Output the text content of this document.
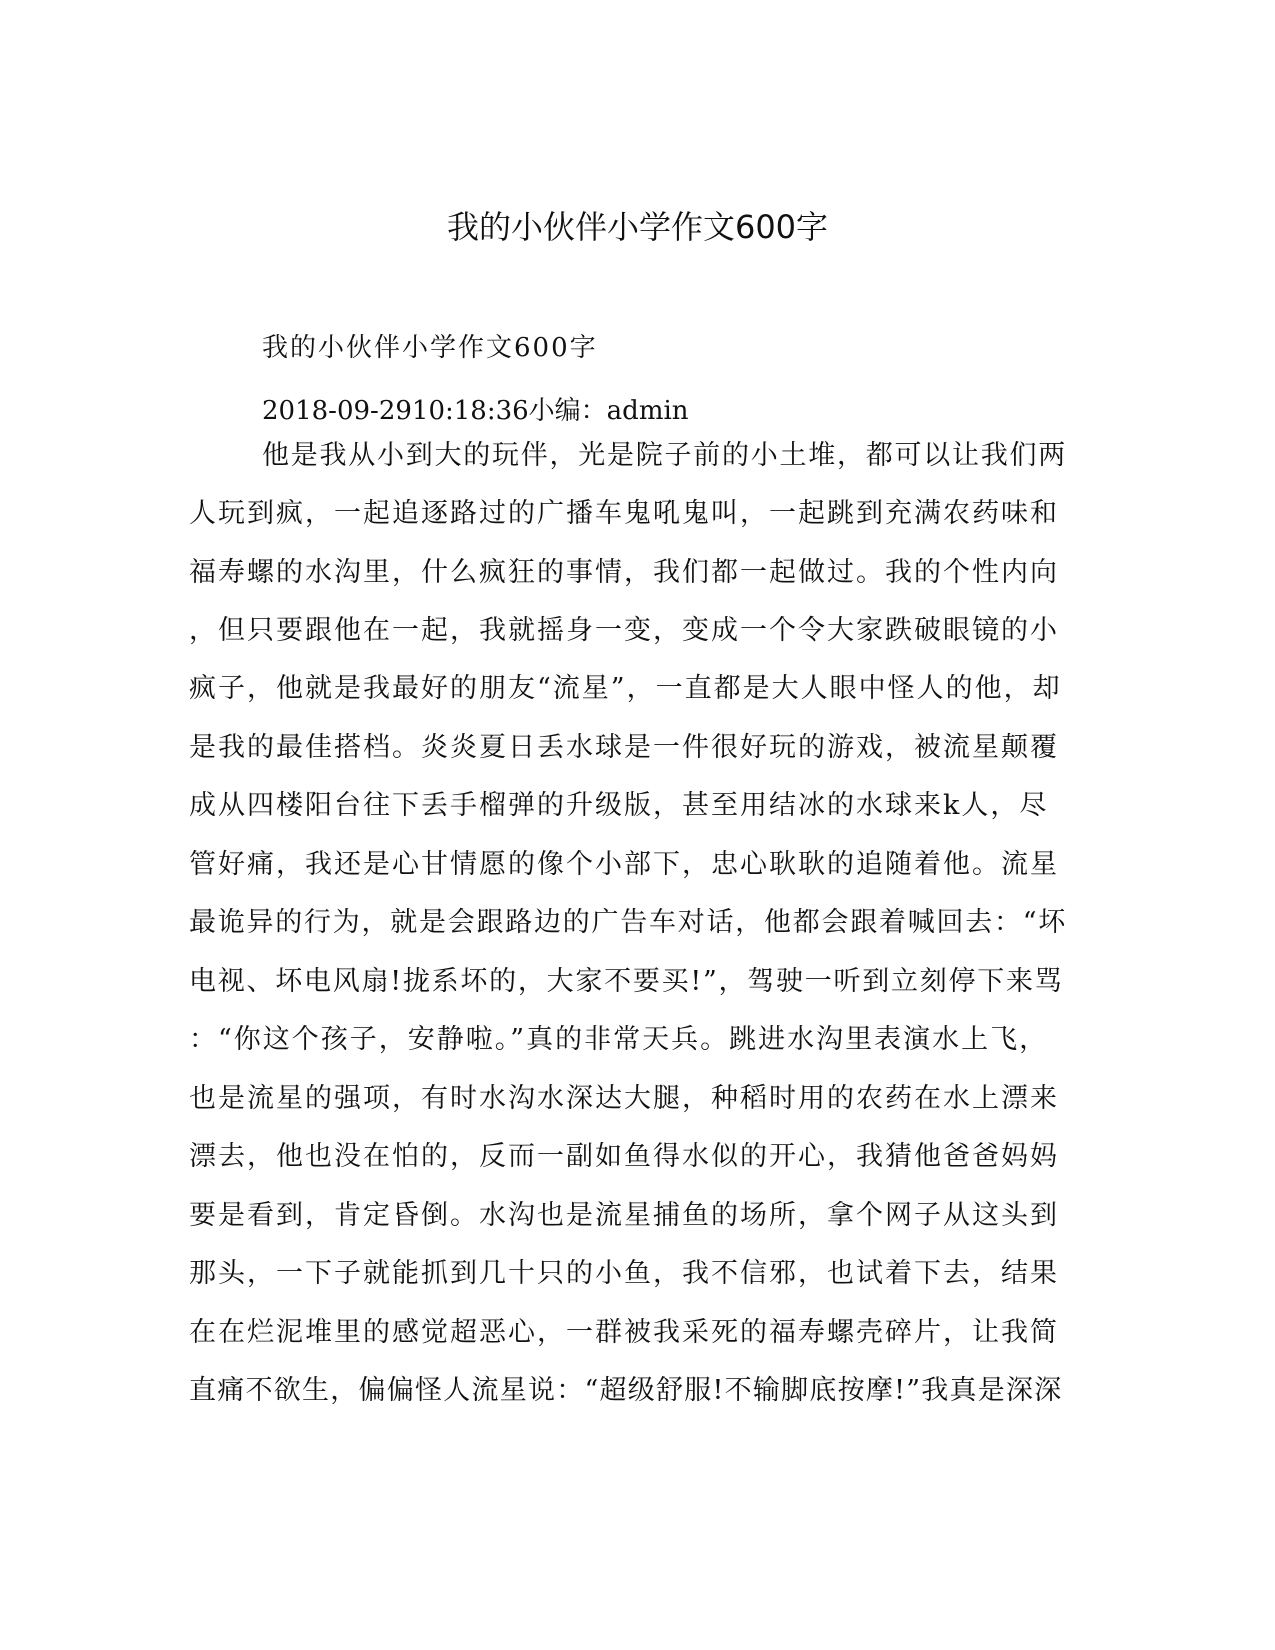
我的小伙伴小学作文600字
我的小伙伴小学作文600字
2018-09-2910:18:36小编：admin
他是我从小到大的玩伴，光是院子前的小土堆，都可以让我们两
人玩到疯，一起追逐路过的广播车鬼吼鬼叫，一起跳到充满农药味和
福寿螺的水沟里，什么疯狂的事情，我们都一起做过。我的个性内向
，但只要跟他在一起，我就摇身一变，变成一个令大家跌破眼镜的小
疯子，他就是我最好的朋友“流星”，一直都是大人眼中怪人的他，却
是我的最佳搭档。炎炎夏日丢水球是一件很好玩的游戏，被流星颠覆
成从四楼阳台往下丢手榴弹的升级版，甚至用结冰的水球来k人，尽
管好痛，我还是心甘情愿的像个小部下，忠心耿耿的追随着他。流星
最诡异的行为，就是会跟路边的广告车对话，他都会跟着喊回去：“坏
电视、坏电风扇!拢系坏的，大家不要买!”，驾驶一听到立刻停下来骂
：“你这个孩子，安静啦。”真的非常天兵。跳进水沟里表演水上飞，
也是流星的强项，有时水沟水深达大腿，种稻时用的农药在水上漂来
漂去，他也没在怕的，反而一副如鱼得水似的开心，我猜他爸爸妈妈
要是看到，肯定昏倒。水沟也是流星捕鱼的场所，拿个网子从这头到
那头，一下子就能抓到几十只的小鱼，我不信邪，也试着下去，结果
在在烂泥堆里的感觉超恶心，一群被我采死的福寿螺壳碎片，让我简
直痛不欲生，偏偏怪人流星说：“超级舒服!不输脚底按摩!”我真是深深
